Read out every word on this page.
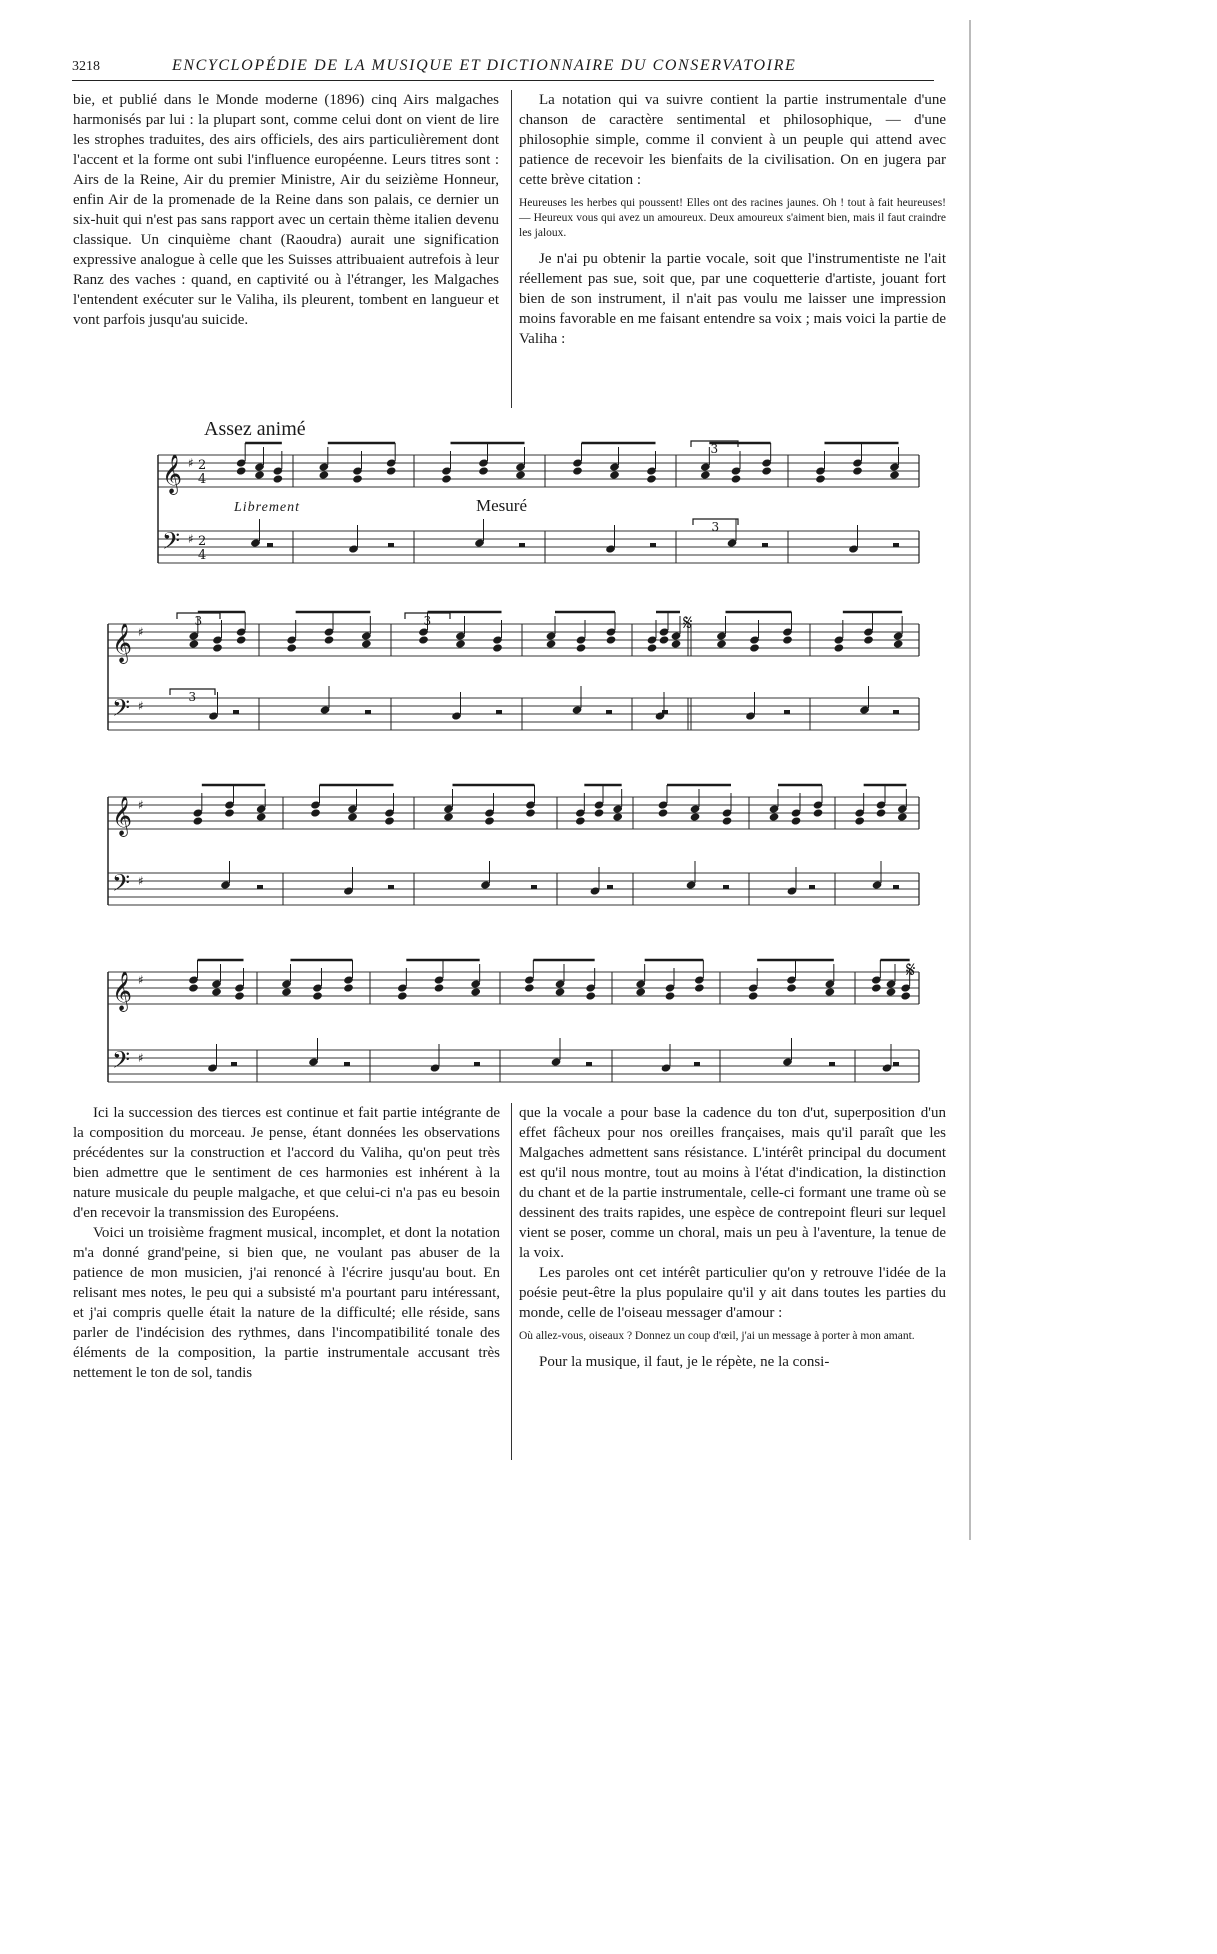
3218	ENCYCLOPÉDIE DE LA MUSIQUE ET DICTIONNAIRE DU CONSERVATOIRE

bie, et publié dans le Monde moderne (1896) cinq Airs malgaches harmonisés par lui : la plupart sont, comme celui dont on vient de lire les strophes traduites, des airs officiels, des airs particulièrement dont l'accent et la forme ont subi l'influence européenne. Leurs titres sont : Airs de la Reine, Air du premier Ministre, Air du seizième Honneur, enfin Air de la promenade de la Reine dans son palais, ce dernier un six-huit qui n'est pas sans rapport avec un certain thème italien devenu classique. Un cinquième chant (Raoudra) aurait une signification expressive analogue à celle que les Suisses attribuaient autrefois à leur Ranz des vaches : quand, en captivité ou à l'étranger, les Malgaches l'entendent exécuter sur le Valiha, ils pleurent, tombent en langueur et vont parfois jusqu'au suicide.

La notation qui va suivre contient la partie instrumentale d'une chanson de caractère sentimental et philosophique, — d'une philosophie simple, comme il convient à un peuple qui attend avec patience de recevoir les bienfaits de la civilisation. On en jugera par cette brève citation :

Heureuses les herbes qui poussent! Elles ont des racines jaunes. Oh ! tout à fait heureuses! — Heureux vous qui avez un amoureux. Deux amoureux s'aiment bien, mais il faut craindre les jaloux.

Je n'ai pu obtenir la partie vocale, soit que l'instrumentiste ne l'ait réellement pas sue, soit que, par une coquetterie d'artiste, jouant fort bien de son instrument, il n'ait pas voulu me laisser une impression moins favorable en me faisant entendre sa voix ; mais voici la partie de Valiha :

Assez animé
Librement	Mesuré
𝄞
𝄢
♯
♯
2
4
2
4
𝄞
𝄢
♯
♯
𝄞
𝄢
♯
♯
𝄞
𝄢
♯
♯
3
3	3
3
3
𝄋
𝄋

Ici la succession des tierces est continue et fait partie intégrante de la composition du morceau. Je pense, étant données les observations précédentes sur la construction et l'accord du Valiha, qu'on peut très bien admettre que le sentiment de ces harmonies est inhérent à la nature musicale du peuple malgache, et que celui-ci n'a pas eu besoin d'en recevoir la transmission des Européens.

Voici un troisième fragment musical, incomplet, et dont la notation m'a donné grand'peine, si bien que, ne voulant pas abuser de la patience de mon musicien, j'ai renoncé à l'écrire jusqu'au bout. En relisant mes notes, le peu qui a subsisté m'a pourtant paru intéressant, et j'ai compris quelle était la nature de la difficulté; elle réside, sans parler de l'indécision des rythmes, dans l'incompatibilité tonale des éléments de la composition, la partie instrumentale accusant très nettement le ton de sol, tandis

que la vocale a pour base la cadence du ton d'ut, superposition d'un effet fâcheux pour nos oreilles françaises, mais qu'il paraît que les Malgaches admettent sans résistance. L'intérêt principal du document est qu'il nous montre, tout au moins à l'état d'indication, la distinction du chant et de la partie instrumentale, celle-ci formant une trame où se dessinent des traits rapides, une espèce de contrepoint fleuri sur lequel vient se poser, comme un choral, mais un peu à l'aventure, la tenue de la voix.

Les paroles ont cet intérêt particulier qu'on y retrouve l'idée de la poésie peut-être la plus populaire qu'il y ait dans toutes les parties du monde, celle de l'oiseau messager d'amour :

Où allez-vous, oiseaux ? Donnez un coup d'œil, j'ai un message à porter à mon amant.

Pour la musique, il faut, je le répète, ne la consi-
